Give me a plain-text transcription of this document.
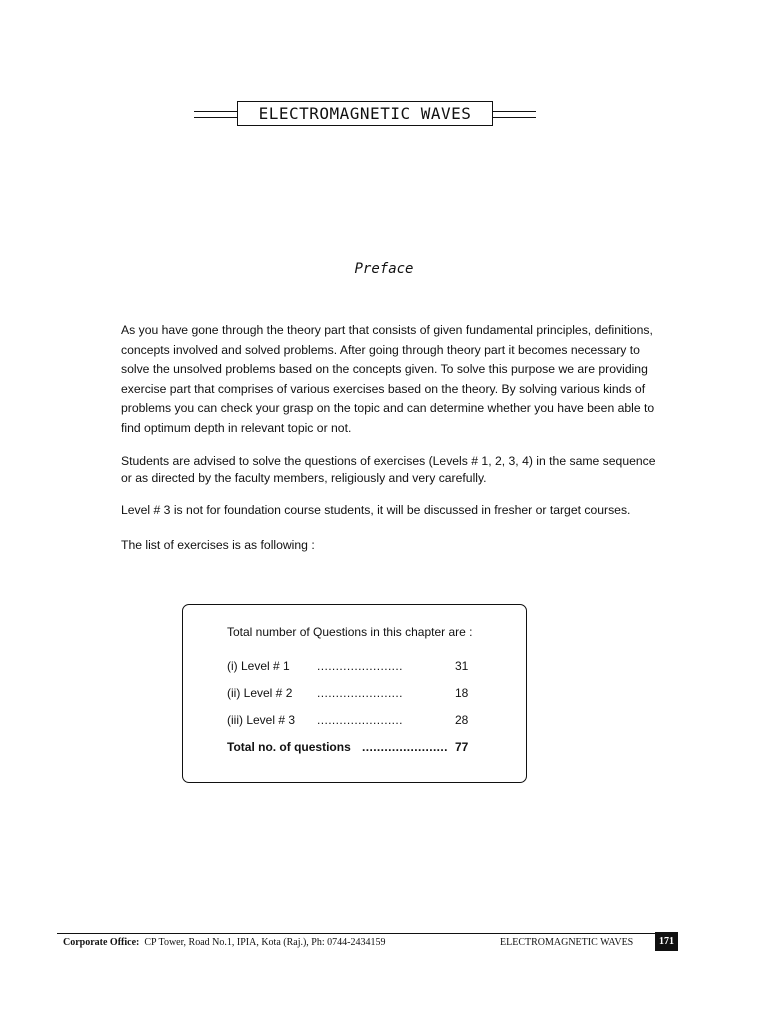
ELECTROMAGNETIC WAVES
Preface
As you have gone through the theory part that consists of given fundamental principles, definitions, concepts involved and solved problems. After going through theory part it becomes necessary to solve the unsolved problems based on the concepts given. To solve this purpose we are providing exercise part that comprises of various exercises based on the theory. By solving various kinds of problems you can check your grasp on the topic and can determine whether you have been able to find optimum depth in relevant topic or not.
Students are advised to solve the questions of exercises (Levels # 1, 2, 3, 4) in the same sequence or as directed by the faculty members, religiously and very carefully.
Level # 3 is not for foundation course students, it will be discussed in fresher or target courses.
The list of exercises is as following :
Total number of Questions in this chapter are :
(i) Level # 1 .......................	31
(ii) Level # 2 .......................	18
(iii) Level # 3 .......................	28
Total no. of questions ....................... 77
Corporate Office: CP Tower, Road No.1, IPIA, Kota (Raj.), Ph: 0744-2434159	ELECTROMAGNETIC WAVES	171
